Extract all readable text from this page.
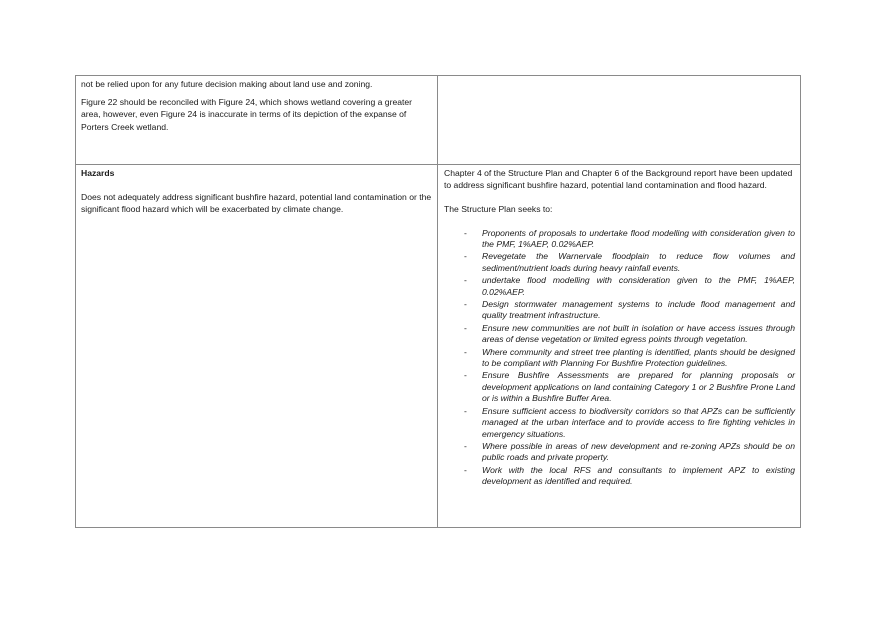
not be relied upon for any future decision making about land use and zoning.

Figure 22 should be reconciled with Figure 24, which shows wetland covering a greater area, however, even Figure 24 is inaccurate in terms of its depiction of the expanse of Porters Creek wetland.

Hazards

Does not adequately address significant bushfire hazard, potential land contamination or the significant flood hazard which will be exacerbated by climate change.

Chapter 4 of the Structure Plan and Chapter 6 of the Background report have been updated to address significant bushfire hazard, potential land contamination and flood hazard.

The Structure Plan seeks to:

- Proponents of proposals to undertake flood modelling with consideration given to the PMF, 1%AEP, 0.02%AEP.
- Revegetate the Warnervale floodplain to reduce flow volumes and sediment/nutrient loads during heavy rainfall events.
- undertake flood modelling with consideration given to the PMF, 1%AEP, 0.02%AEP.
- Design stormwater management systems to include flood management and quality treatment infrastructure.
- Ensure new communities are not built in isolation or have access issues through areas of dense vegetation or limited egress points through vegetation.
- Where community and street tree planting is identified, plants should be designed to be compliant with Planning For Bushfire Protection guidelines.
- Ensure Bushfire Assessments are prepared for planning proposals or development applications on land containing Category 1 or 2 Bushfire Prone Land or is within a Bushfire Buffer Area.
- Ensure sufficient access to biodiversity corridors so that APZs can be sufficiently managed at the urban interface and to provide access to fire fighting vehicles in emergency situations.
- Where possible in areas of new development and re-zoning APZs should be on public roads and private property.
- Work with the local RFS and consultants to implement APZ to existing development as identified and required.
